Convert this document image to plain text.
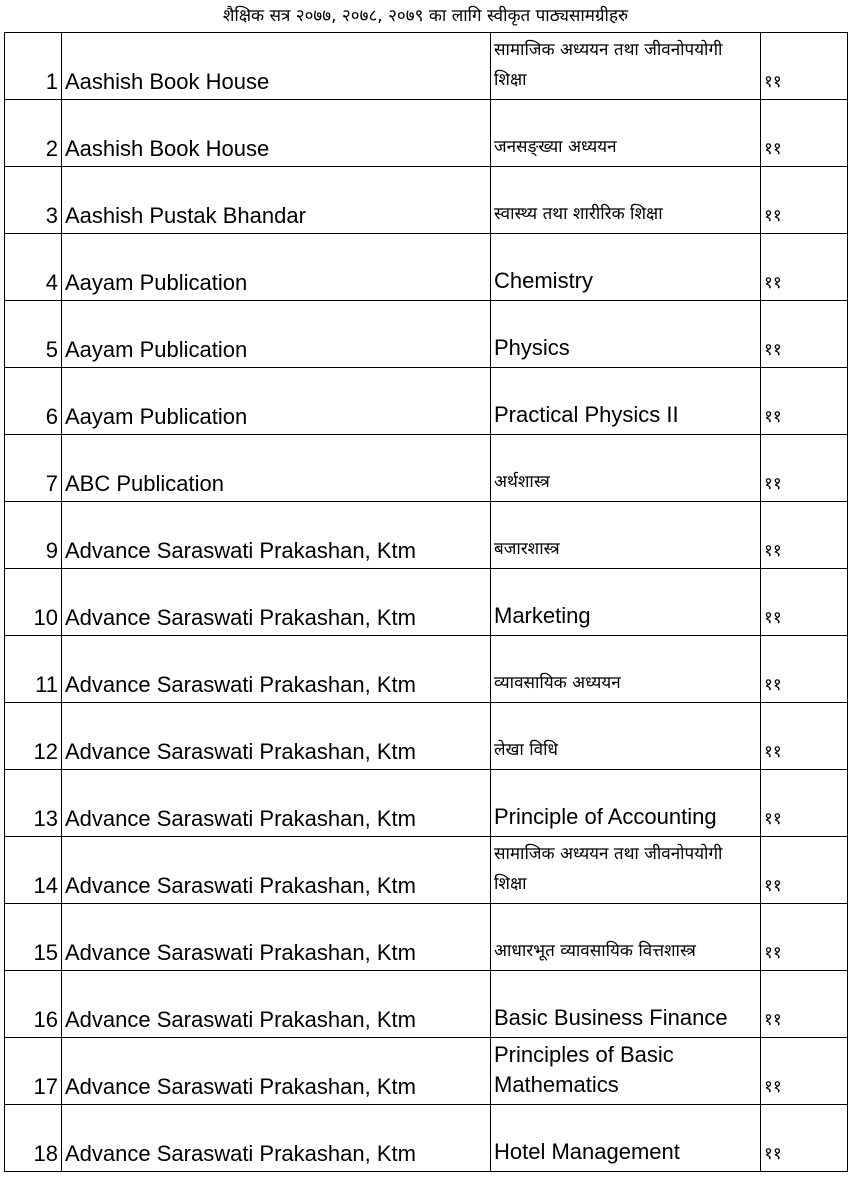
शैक्षिक सत्र २०७७, २०७८, २०७९ का लागि स्वीकृत पाठ्यसामग्रीहरु
1	Aashish Book House	सामाजिक अध्ययन तथा जीवनोपयोगी शिक्षा	११
2	Aashish Book House	जनसङ्ख्या अध्ययन	११
3	Aashish Pustak Bhandar	स्वास्थ्य तथा शारीरिक शिक्षा	११
4	Aayam Publication	Chemistry	११
5	Aayam Publication	Physics	११
6	Aayam Publication	Practical Physics II	११
7	ABC Publication	अर्थशास्त्र	११
9	Advance Saraswati Prakashan, Ktm	बजारशास्त्र	११
10	Advance Saraswati Prakashan, Ktm	Marketing	११
11	Advance Saraswati Prakashan, Ktm	व्यावसायिक अध्ययन	११
12	Advance Saraswati Prakashan, Ktm	लेखा विधि	११
13	Advance Saraswati Prakashan, Ktm	Principle of Accounting	११
14	Advance Saraswati Prakashan, Ktm	सामाजिक अध्ययन तथा जीवनोपयोगी शिक्षा	११
15	Advance Saraswati Prakashan, Ktm	आधारभूत व्यावसायिक वित्तशास्त्र	११
16	Advance Saraswati Prakashan, Ktm	Basic Business Finance	११
17	Advance Saraswati Prakashan, Ktm	Principles of Basic Mathematics	११
18	Advance Saraswati Prakashan, Ktm	Hotel Management	११
